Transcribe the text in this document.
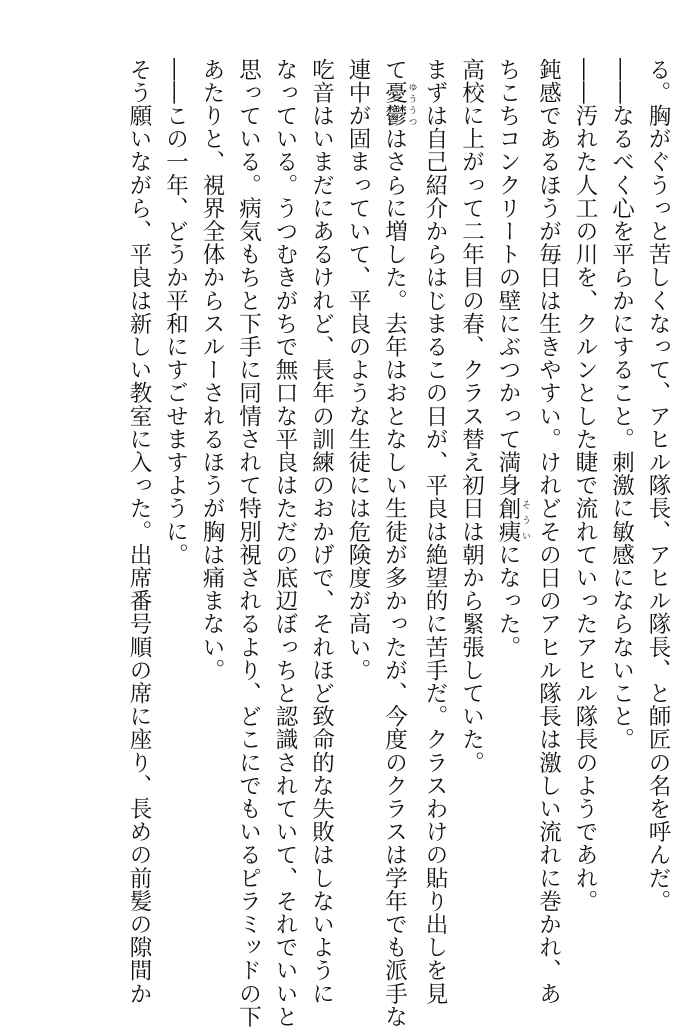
る。胸がぐうっと苦しくなって、アヒル隊長、アヒル隊長、と師匠の名を呼んだ。
――なるべく心を平らかにすること。刺激に敏感にならないこと。
――汚れた人工の川を、クルンとした睫で流れていったアヒル隊長のようであれ。
鈍感であるほうが毎日は生きやすい。けれどその日のアヒル隊長は激しい流れに巻かれ、あ
ちこちコンクリートの壁にぶつかって満身創痍 そういになった。
高校に上がって二年目の春、クラス替え初日は朝から緊張していた。
まずは自己紹介からはじまるこの日が、平良は絶望的に苦手だ。クラスわけの貼り出しを見
て憂鬱 ゆううつはさらに増した。去年はおとなしい生徒が多かったが、今度のクラスは学年でも派手な
連中が固まっていて、平良のような生徒には危険度が高い。
吃音はいまだにあるけれど、長年の訓練のおかげで、それほど致命的な失敗はしないように
なっている。うつむきがちで無口な平良はただの底辺ぼっちと認識されていて、それでいいと
思っている。病気もちと下手に同情されて特別視されるより、どこにでもいるピラミッドの下
あたりと、視界全体からスルーされるほうが胸は痛まない。
――この一年、どうか平和にすごせますように。
そう願いながら、平良は新しい教室に入った。出席番号順の席に座り、長めの前髪の隙間か
